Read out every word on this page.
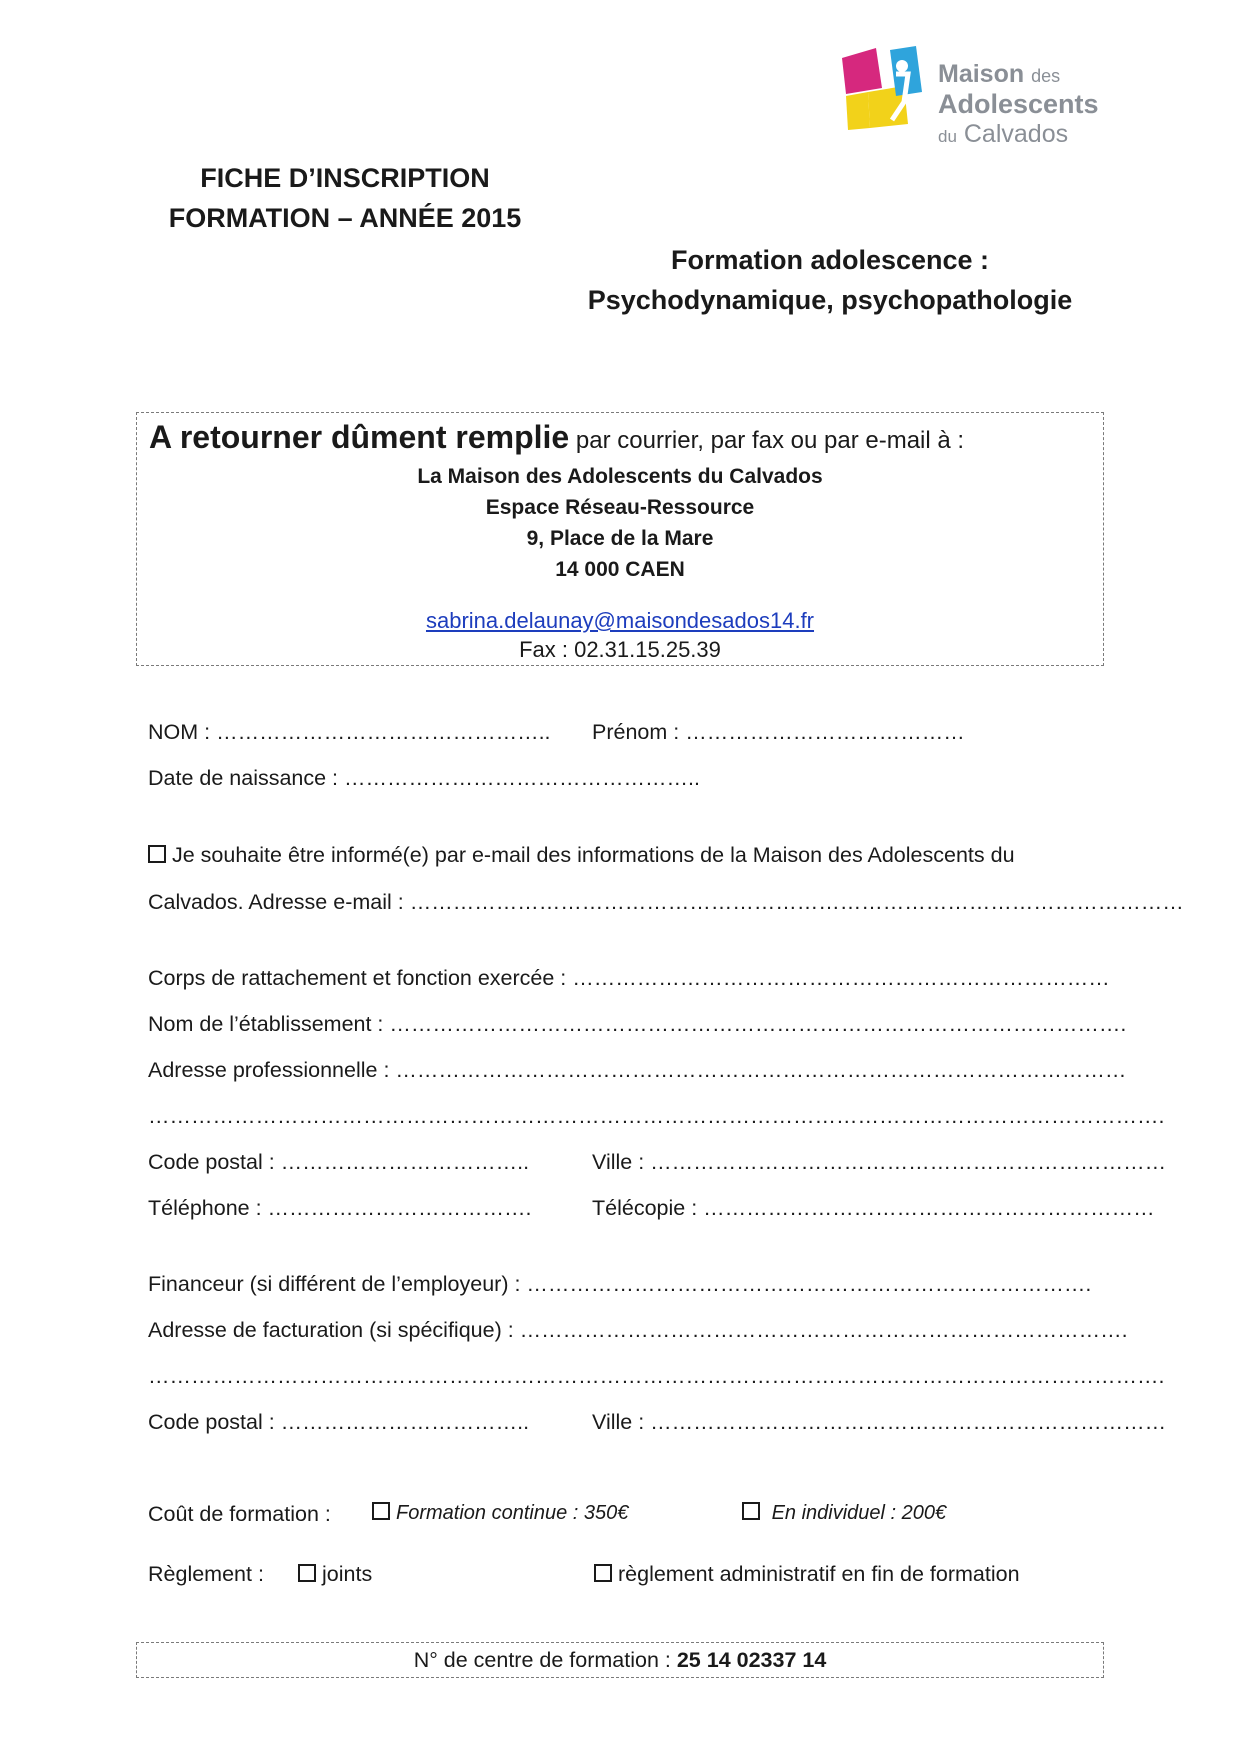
Maison des
Adolescents
du Calvados
FICHE D’INSCRIPTION
FORMATION – ANNÉE 2015
Formation adolescence :
Psychodynamique, psychopathologie
A retourner dûment remplie par courrier, par fax ou par e-mail à :
La Maison des Adolescents du Calvados
Espace Réseau-Ressource
9, Place de la Mare
14 000 CAEN
sabrina.delaunay@maisondesados14.fr
Fax : 02.31.15.25.39
NOM : ……………………………………….. Prénom : …………………………………
Date de naissance : …………………………………………..
Je souhaite être informé(e) par e-mail des informations de la Maison des Adolescents du
Calvados. Adresse e-mail : ………………………………………………………………………………………………
Corps de rattachement et fonction exercée : …………………………………………………………………
Nom de l’établissement : ………………………………………………………………………………………….
Adresse professionnelle : …………………………………………………………………………………………
…………………………………………………………………………………………………………………………….
Code postal : ……………………………..	Ville : ………………………………………………………………
Téléphone : ……………………………….	Télécopie : ………………………………………………………
Financeur (si différent de l’employeur) : …………………………………………………………………….
Adresse de facturation (si spécifique) : ………………………………………………………………………….
…………………………………………………………………………………………………………………………….
Code postal : ……………………………..	Ville : ………………………………………………………………
Coût de formation :	Formation continue : 350€	En individuel : 200€
Règlement :	joints	règlement administratif en fin de formation
N° de centre de formation : 25 14 02337 14
